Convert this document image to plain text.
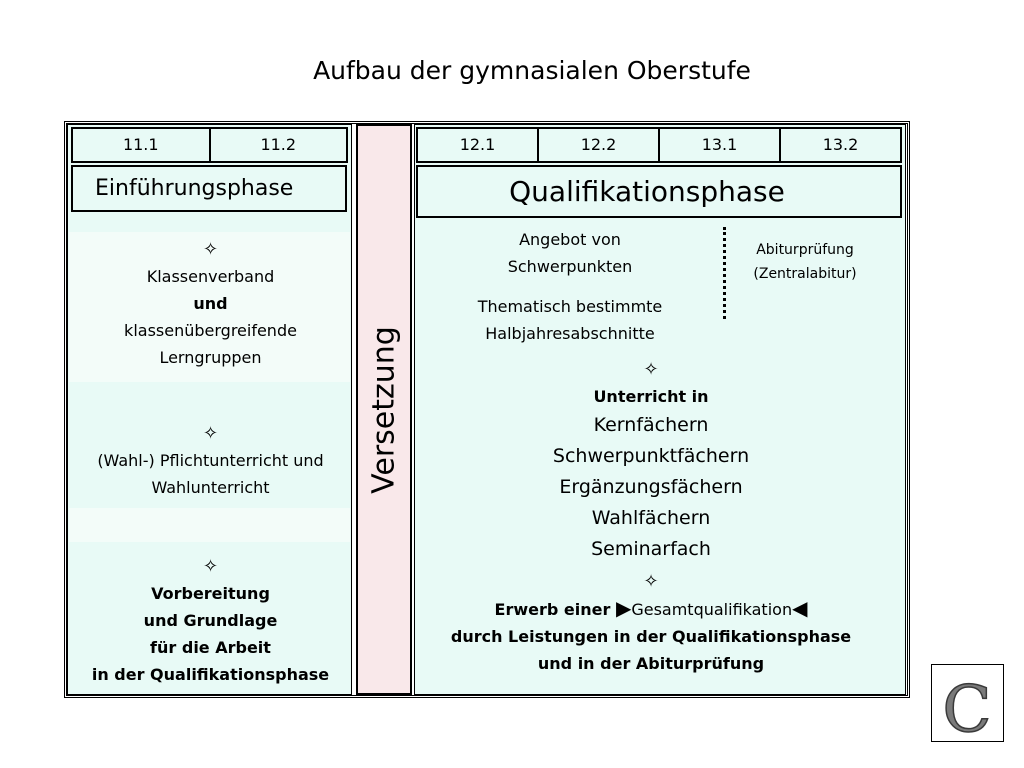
Aufbau der gymnasialen Oberstufe
11.1	11.2
Einführungsphase
✧
Klassenverband
und
klassenübergreifende
Lerngruppen
✧
(Wahl-) Pflichtunterricht und
Wahlunterricht
✧
Vorbereitung
und Grundlage
für die Arbeit
in der Qualifikationsphase
Versetzung
12.1	12.2	13.1	13.2
Qualifikationsphase
Angebot von
Schwerpunkten
Abiturprüfung
(Zentralabitur)
Thematisch bestimmte
Halbjahresabschnitte
✧
Unterricht in
Kernfächern
Schwerpunktfächern
Ergänzungsfächern
Wahlfächern
Seminarfach
✧
Erwerb einer ▶Gesamtqualifikation◀
durch Leistungen in der Qualifikationsphase
und in der Abiturprüfung
C
